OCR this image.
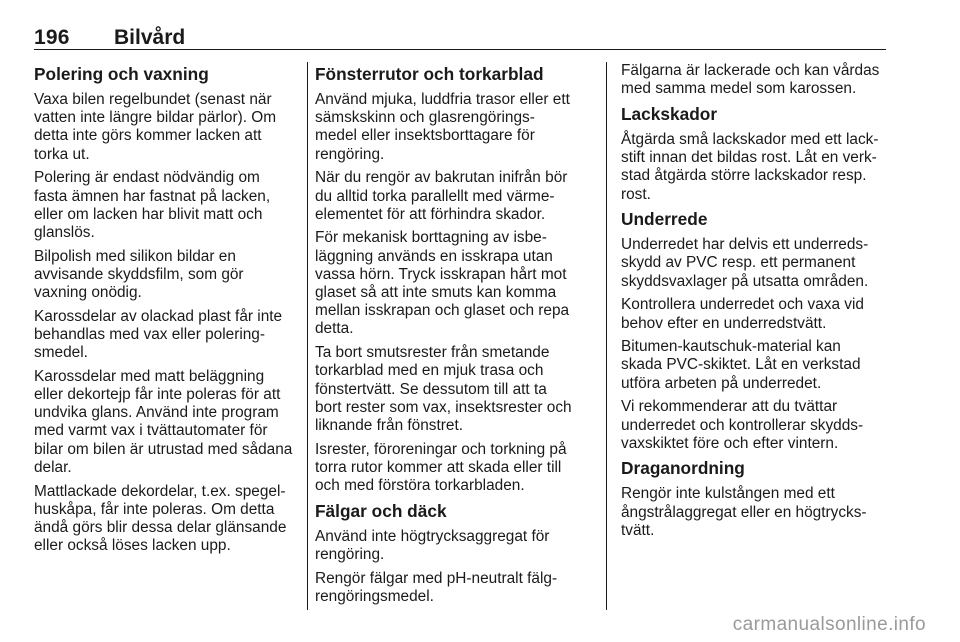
196 Bilvård
Polering och vaxning

Vaxa bilen regelbundet (senast när
vatten inte längre bildar pärlor). Om
detta inte görs kommer lacken att
torka ut.

Polering är endast nödvändig om
fasta ämnen har fastnat på lacken,
eller om lacken har blivit matt och
glanslös.

Bilpolish med silikon bildar en
avvisande skyddsfilm, som gör
vaxning onödig.

Karossdelar av olackad plast får inte
behandlas med vax eller polering‐
smedel.

Karossdelar med matt beläggning
eller dekortejp får inte poleras för att
undvika glans. Använd inte program
med varmt vax i tvättautomater för
bilar om bilen är utrustad med sådana
delar.

Mattlackade dekordelar, t.ex. spegel‐
huskåpa, får inte poleras. Om detta
ändå görs blir dessa delar glänsande
eller också löses lacken upp.

Fönsterrutor och torkarblad

Använd mjuka, luddfria trasor eller ett
sämskskinn och glasrengörings‐
medel eller insektsborttagare för
rengöring.

När du rengör av bakrutan inifrån bör
du alltid torka parallellt med värme‐
elementet för att förhindra skador.

För mekanisk borttagning av isbe‐
läggning används en isskrapa utan
vassa hörn. Tryck isskrapan hårt mot
glaset så att inte smuts kan komma
mellan isskrapan och glaset och repa
detta.

Ta bort smutsrester från smetande
torkarblad med en mjuk trasa och
fönstertvätt. Se dessutom till att ta
bort rester som vax, insektsrester och
liknande från fönstret.

Isrester, föroreningar och torkning på
torra rutor kommer att skada eller till
och med förstöra torkarbladen.

Fälgar och däck

Använd inte högtrycksaggregat för
rengöring.

Rengör fälgar med pH-neutralt fälg‐
rengöringsmedel.

Fälgarna är lackerade och kan vårdas
med samma medel som karossen.

Lackskador

Åtgärda små lackskador med ett lack‐
stift innan det bildas rost. Låt en verk‐
stad åtgärda större lackskador resp.
rost.

Underrede

Underredet har delvis ett underreds‐
skydd av PVC resp. ett permanent
skyddsvaxlager på utsatta områden.

Kontrollera underredet och vaxa vid
behov efter en underredstvätt.

Bitumen-kautschuk-material kan
skada PVC-skiktet. Låt en verkstad
utföra arbeten på underredet.

Vi rekommenderar att du tvättar
underredet och kontrollerar skydds‐
vaxskiktet före och efter vintern.

Draganordning

Rengör inte kulstången med ett
ångstrålaggregat eller en högtrycks‐
tvätt.

carmanualsonline.info
